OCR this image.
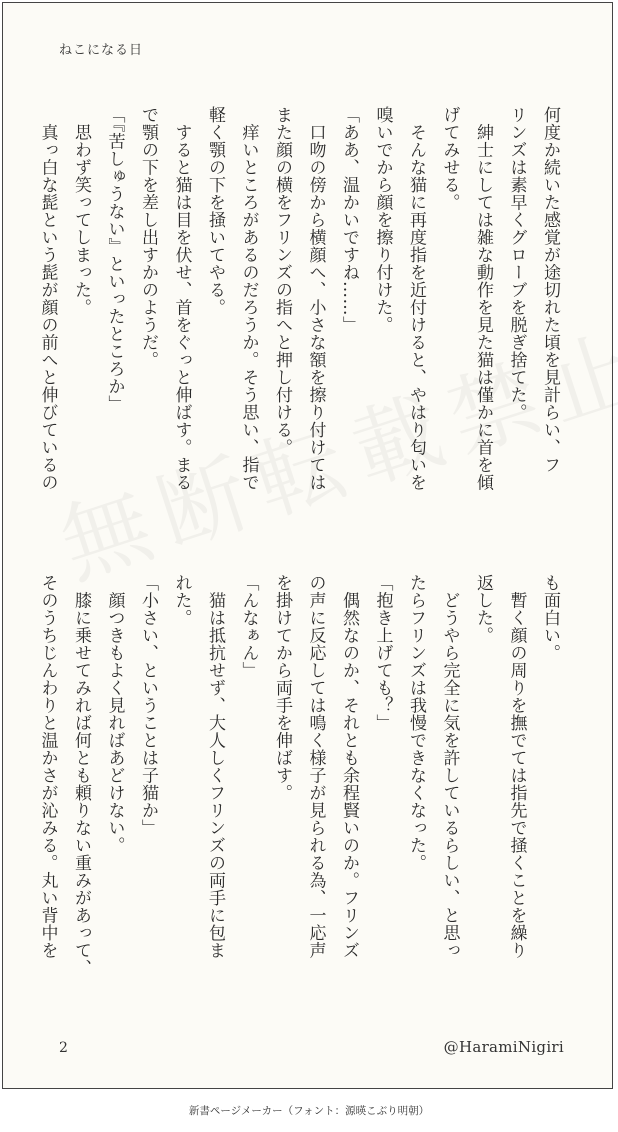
ねこになる日
何度か続いた感覚が途切れた頃を見計らい、フ
リンズは素早くグローブを脱ぎ捨てた。
　紳士にしては雑な動作を見た猫は僅かに首を傾
げてみせる。
　そんな猫に再度指を近付けると、やはり匂いを
嗅いでから顔を擦り付けた。
「ああ、温かいですね……」
　口吻の傍から横顔へ、小さな額を擦り付けては
また顔の横をフリンズの指へと押し付ける。
　痒いところがあるのだろうか。そう思い、指で
軽く顎の下を掻いてやる。
　すると猫は目を伏せ、首をぐっと伸ばす。まる
で顎の下を差し出すかのようだ。
「『苦しゅうない』といったところか」
　思わず笑ってしまった。
　真っ白な髭という髭が顔の前へと伸びているの
も面白い。
　暫く顔の周りを撫でては指先で掻くことを繰り
返した。
　どうやら完全に気を許しているらしい、と思っ
たらフリンズは我慢できなくなった。
「抱き上げても？」
　偶然なのか、それとも余程賢いのか。フリンズ
の声に反応しては鳴く様子が見られる為、一応声
を掛けてから両手を伸ばす。
「んなぁん」
　猫は抵抗せず、大人しくフリンズの両手に包ま
れた。
「小さい、ということは子猫か」
　顔つきもよく見ればあどけない。
　膝に乗せてみれば何とも頼りない重みがあって、
そのうちじんわりと温かさが沁みる。丸い背中を
2	@HaramiNigiri
新書ページメーカー（フォント：源暎こぶり明朝）
